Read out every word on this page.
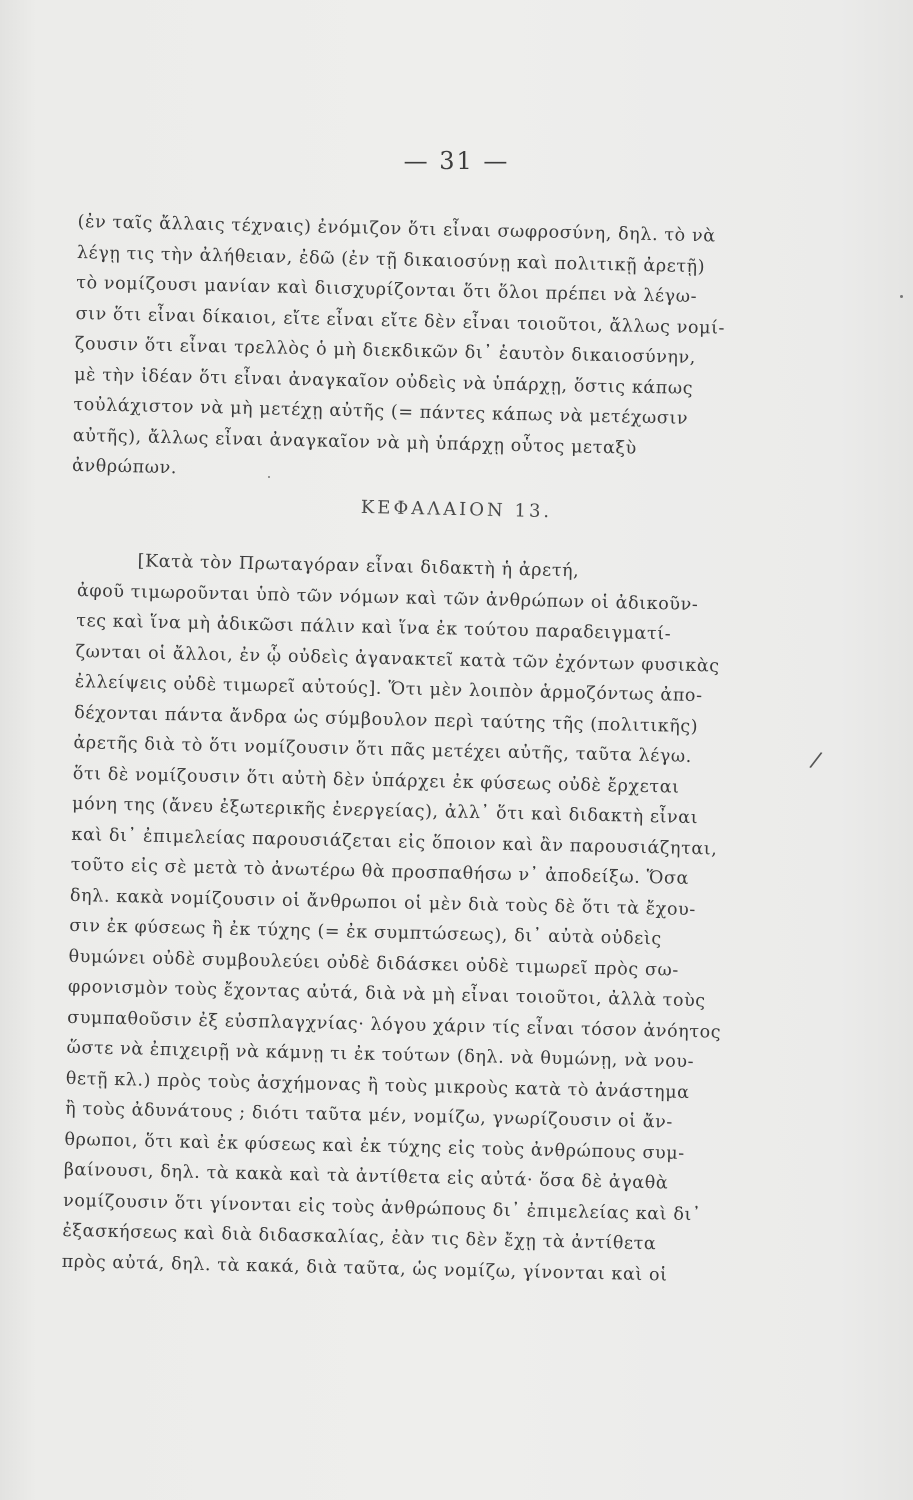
— 31 —
(ἐν ταῖς ἄλλαις τέχναις) ἐνόμιζον ὅτι εἶναι σωφροσύνη, δηλ. τὸ νὰ
λέγῃ τις τὴν ἀλήθειαν, ἐδῶ (ἐν τῇ δικαιοσύνῃ καὶ πολιτικῇ ἀρετῇ)
τὸ νομίζουσι μανίαν καὶ διισχυρίζονται ὅτι ὅλοι πρέπει νὰ λέγω-
σιν ὅτι εἶναι δίκαιοι, εἴτε εἶναι εἴτε δὲν εἶναι τοιοῦτοι, ἄλλως νομί-
ζουσιν ὅτι εἶναι τρελλὸς ὁ μὴ διεκδικῶν δι᾽ ἑαυτὸν δικαιοσύνην,
μὲ τὴν ἰδέαν ὅτι εἶναι ἀναγκαῖον οὐδεὶς νὰ ὑπάρχῃ, ὅστις κάπως
τοὐλάχιστον νὰ μὴ μετέχῃ αὐτῆς (= πάντες κάπως νὰ μετέχωσιν
αὐτῆς), ἄλλως εἶναι ἀναγκαῖον νὰ μὴ ὑπάρχῃ οὗτος μεταξὺ
ἀνθρώπων.
ΚΕΦΑΛΑΙΟΝ 13.
[Κατὰ τὸν Πρωταγόραν εἶναι διδακτὴ ἡ ἀρετή,
ἀφοῦ τιμωροῦνται ὑπὸ τῶν νόμων καὶ τῶν ἀνθρώπων οἱ ἀδικοῦν-
τες καὶ ἵνα μὴ ἀδικῶσι πάλιν καὶ ἵνα ἐκ τούτου παραδειγματί-
ζωνται οἱ ἄλλοι, ἐν ᾧ οὐδεὶς ἀγανακτεῖ κατὰ τῶν ἐχόντων φυσικὰς
ἐλλείψεις οὐδὲ τιμωρεῖ αὐτούς]. Ὅτι μὲν λοιπὸν ἁρμοζόντως ἀπο-
δέχονται πάντα ἄνδρα ὡς σύμβουλον περὶ ταύτης τῆς (πολιτικῆς)
ἀρετῆς διὰ τὸ ὅτι νομίζουσιν ὅτι πᾶς μετέχει αὐτῆς, ταῦτα λέγω.
ὅτι δὲ νομίζουσιν ὅτι αὐτὴ δὲν ὑπάρχει ἐκ φύσεως οὐδὲ ἔρχεται
μόνη της (ἄνευ ἐξωτερικῆς ἐνεργείας), ἀλλ᾽ ὅτι καὶ διδακτὴ εἶναι
καὶ δι᾽ ἐπιμελείας παρουσιάζεται εἰς ὅποιον καὶ ἂν παρουσιάζηται,
τοῦτο εἰς σὲ μετὰ τὸ ἀνωτέρω θὰ προσπαθήσω ν᾽ ἀποδείξω. Ὅσα
δηλ. κακὰ νομίζουσιν οἱ ἄνθρωποι οἱ μὲν διὰ τοὺς δὲ ὅτι τὰ ἔχου-
σιν ἐκ φύσεως ἢ ἐκ τύχης (= ἐκ συμπτώσεως), δι᾽ αὐτὰ οὐδεὶς
θυμώνει οὐδὲ συμβουλεύει οὐδὲ διδάσκει οὐδὲ τιμωρεῖ πρὸς σω-
φρονισμὸν τοὺς ἔχοντας αὐτά, διὰ νὰ μὴ εἶναι τοιοῦτοι, ἀλλὰ τοὺς
συμπαθοῦσιν ἐξ εὐσπλαγχνίας· λόγου χάριν τίς εἶναι τόσον ἀνόητος
ὥστε νὰ ἐπιχειρῇ νὰ κάμνῃ τι ἐκ τούτων (δηλ. νὰ θυμώνῃ, νὰ νου-
θετῇ κλ.) πρὸς τοὺς ἀσχήμονας ἢ τοὺς μικροὺς κατὰ τὸ ἀνάστημα
ἢ τοὺς ἀδυνάτους ; διότι ταῦτα μέν, νομίζω, γνωρίζουσιν οἱ ἄν-
θρωποι, ὅτι καὶ ἐκ φύσεως καὶ ἐκ τύχης εἰς τοὺς ἀνθρώπους συμ-
βαίνουσι, δηλ. τὰ κακὰ καὶ τὰ ἀντίθετα εἰς αὐτά· ὅσα δὲ ἀγαθὰ
νομίζουσιν ὅτι γίνονται εἰς τοὺς ἀνθρώπους δι᾽ ἐπιμελείας καὶ δι᾽
ἐξασκήσεως καὶ διὰ διδασκαλίας, ἐὰν τις δὲν ἔχῃ τὰ ἀντίθετα
πρὸς αὐτά, δηλ. τὰ κακά, διὰ ταῦτα, ὡς νομίζω, γίνονται καὶ οἱ
/
